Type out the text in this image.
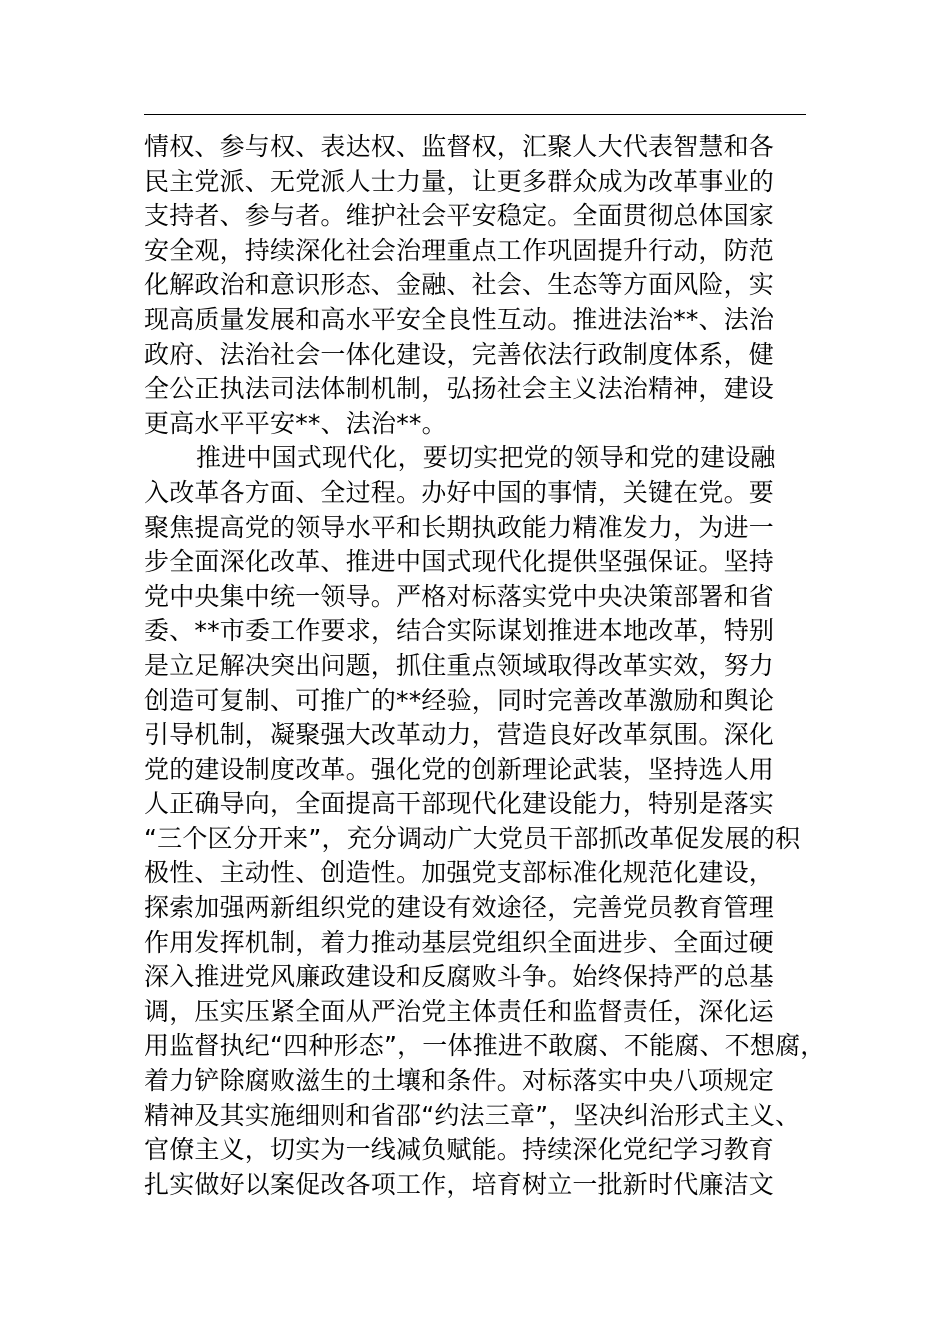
情权、参与权、表达权、监督权，汇聚人大代表智慧和各
民主党派、无党派人士力量，让更多群众成为改革事业的
支持者、参与者。维护社会平安稳定。全面贯彻总体国家
安全观，持续深化社会治理重点工作巩固提升行动，防范
化解政治和意识形态、金融、社会、生态等方面风险，实
现高质量发展和高水平安全良性互动。推进法治**、法治
政府、法治社会一体化建设，完善依法行政制度体系，健
全公正执法司法体制机制，弘扬社会主义法治精神，建设
更高水平平安**、法治**。
推进中国式现代化，要切实把党的领导和党的建设融
入改革各方面、全过程。办好中国的事情，关键在党。要
聚焦提高党的领导水平和长期执政能力精准发力，为进一
步全面深化改革、推进中国式现代化提供坚强保证。坚持
党中央集中统一领导。严格对标落实党中央决策部署和省
委、**市委工作要求，结合实际谋划推进本地改革，特别
是立足解决突出问题，抓住重点领域取得改革实效，努力
创造可复制、可推广的**经验，同时完善改革激励和舆论
引导机制，凝聚强大改革动力，营造良好改革氛围。深化
党的建设制度改革。强化党的创新理论武装，坚持选人用
人正确导向，全面提高干部现代化建设能力，特别是落实
“三个区分开来”，充分调动广大党员干部抓改革促发展的积
极性、主动性、创造性。加强党支部标准化规范化建设，
探索加强两新组织党的建设有效途径，完善党员教育管理
作用发挥机制，着力推动基层党组织全面进步、全面过硬
深入推进党风廉政建设和反腐败斗争。始终保持严的总基
调，压实压紧全面从严治党主体责任和监督责任，深化运
用监督执纪“四种形态”，一体推进不敢腐、不能腐、不想腐，
着力铲除腐败滋生的土壤和条件。对标落实中央八项规定
精神及其实施细则和省邵“约法三章”，坚决纠治形式主义、
官僚主义，切实为一线减负赋能。持续深化党纪学习教育
扎实做好以案促改各项工作，培育树立一批新时代廉洁文
